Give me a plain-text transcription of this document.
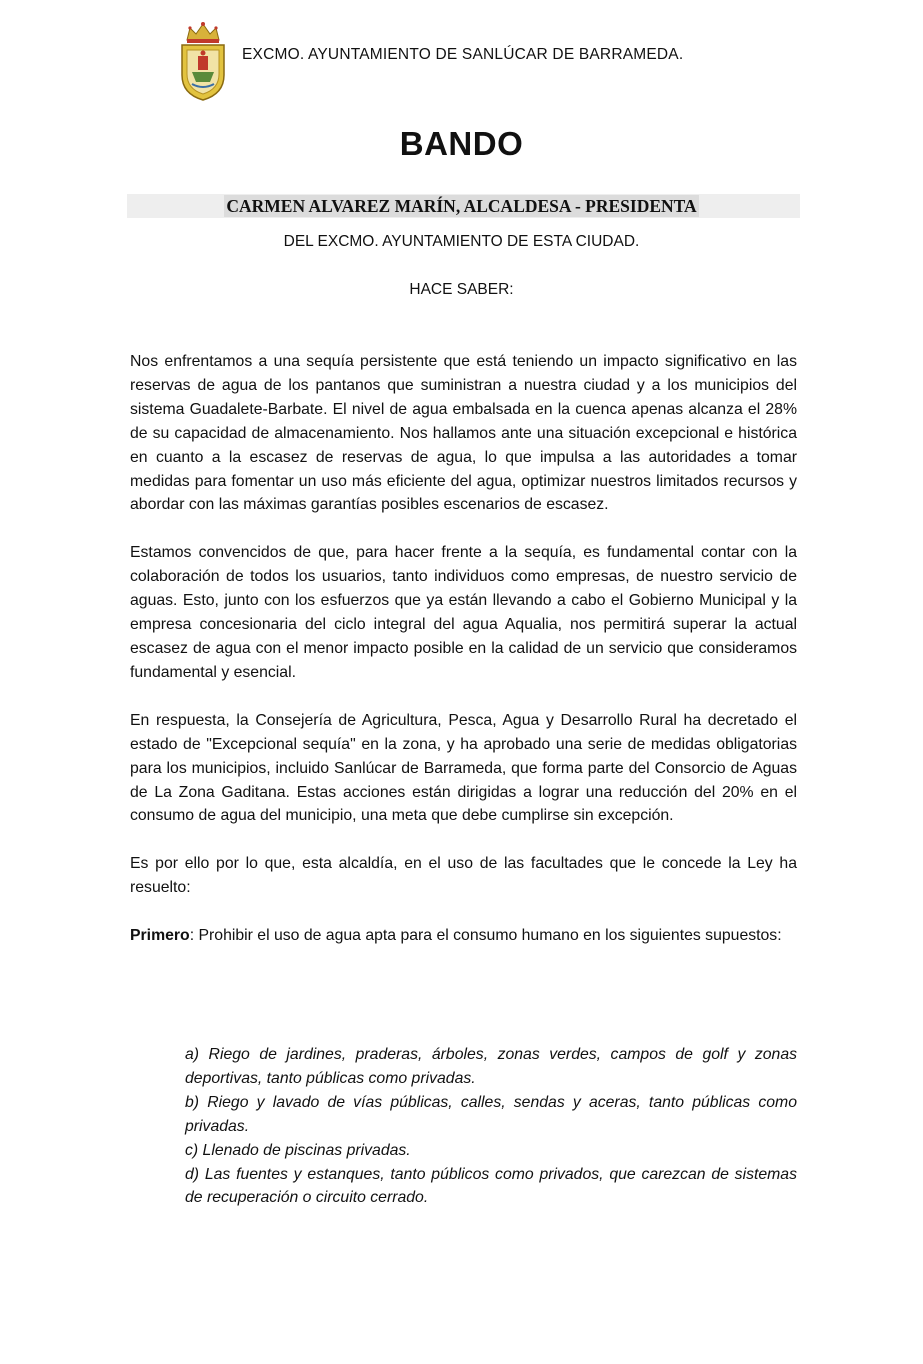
EXCMO. AYUNTAMIENTO DE SANLÚCAR DE BARRAMEDA.
BANDO
CARMEN ALVAREZ MARÍN, ALCALDESA - PRESIDENTA
DEL EXCMO. AYUNTAMIENTO DE ESTA CIUDAD.
HACE SABER:

Nos enfrentamos a una sequía persistente que está teniendo un impacto significativo en las reservas de agua de los pantanos que suministran a nuestra ciudad y a los municipios del sistema Guadalete-Barbate. El nivel de agua embalsada en la cuenca apenas alcanza el 28% de su capacidad de almacenamiento. Nos hallamos ante una situación excepcional e histórica en cuanto a la escasez de reservas de agua, lo que impulsa a las autoridades a tomar medidas para fomentar un uso más eficiente del agua, optimizar nuestros limitados recursos y abordar con las máximas garantías posibles escenarios de escasez.

Estamos convencidos de que, para hacer frente a la sequía, es fundamental contar con la colaboración de todos los usuarios, tanto individuos como empresas, de nuestro servicio de aguas. Esto, junto con los esfuerzos que ya están llevando a cabo el Gobierno Municipal y la empresa concesionaria del ciclo integral del agua Aqualia, nos permitirá superar la actual escasez de agua con el menor impacto posible en la calidad de un servicio que consideramos fundamental y esencial.

En respuesta, la Consejería de Agricultura, Pesca, Agua y Desarrollo Rural ha decretado el estado de "Excepcional sequía" en la zona, y ha aprobado una serie de medidas obligatorias para los municipios, incluido Sanlúcar de Barrameda, que forma parte del Consorcio de Aguas de La Zona Gaditana. Estas acciones están dirigidas a lograr una reducción del 20% en el consumo de agua del municipio, una meta que debe cumplirse sin excepción.

Es por ello por lo que, esta alcaldía, en el uso de las facultades que le concede la Ley ha resuelto:

Primero: Prohibir el uso de agua apta para el consumo humano en los siguientes supuestos:

a) Riego de jardines, praderas, árboles, zonas verdes, campos de golf y zonas deportivas, tanto públicas como privadas.
b) Riego y lavado de vías públicas, calles, sendas y aceras, tanto públicas como privadas.
c) Llenado de piscinas privadas.
d) Las fuentes y estanques, tanto públicos como privados, que carezcan de sistemas de recuperación o circuito cerrado.
